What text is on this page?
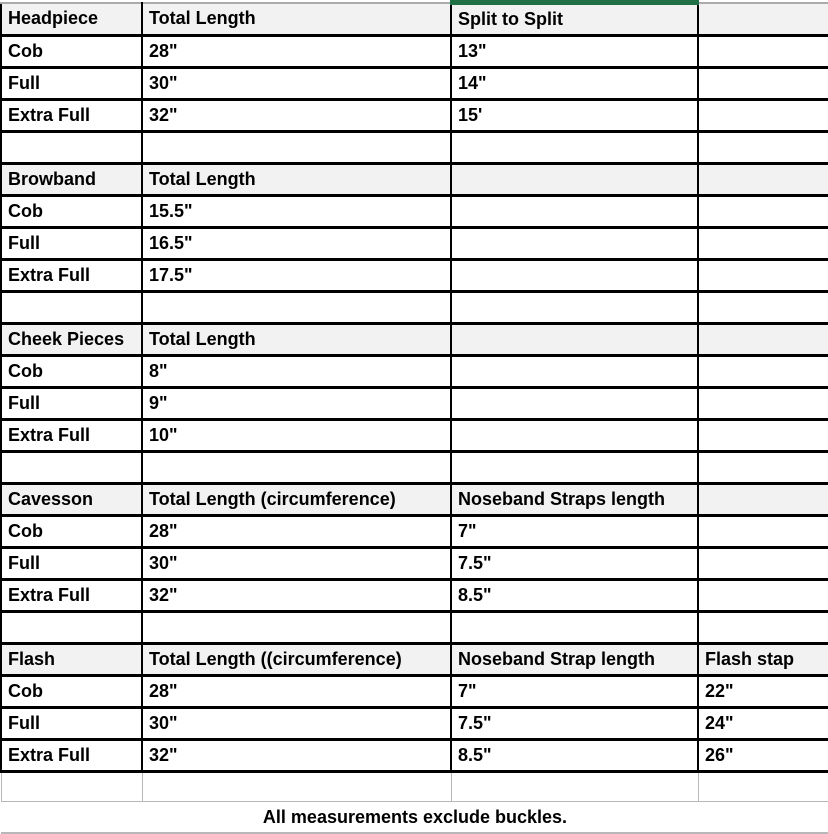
Headpiece	Total Length	Split to Split	
Cob	28"	13"	
Full	30"	14"	
Extra Full	32"	15'	

Browband	Total Length		
Cob	15.5"		
Full	16.5"		
Extra Full	17.5"		

Cheek Pieces	Total Length		
Cob	8"		
Full	9"		
Extra Full	10"		

Cavesson	Total Length (circumference)	Noseband Straps length	
Cob	28"	7"	
Full	30"	7.5"	
Extra Full	32"	8.5"	

Flash	Total Length ((circumference)	Noseband Strap length	Flash stap
Cob	28"	7"	22"
Full	30"	7.5"	24"
Extra Full	32"	8.5"	26"

All measurements exclude buckles.			
